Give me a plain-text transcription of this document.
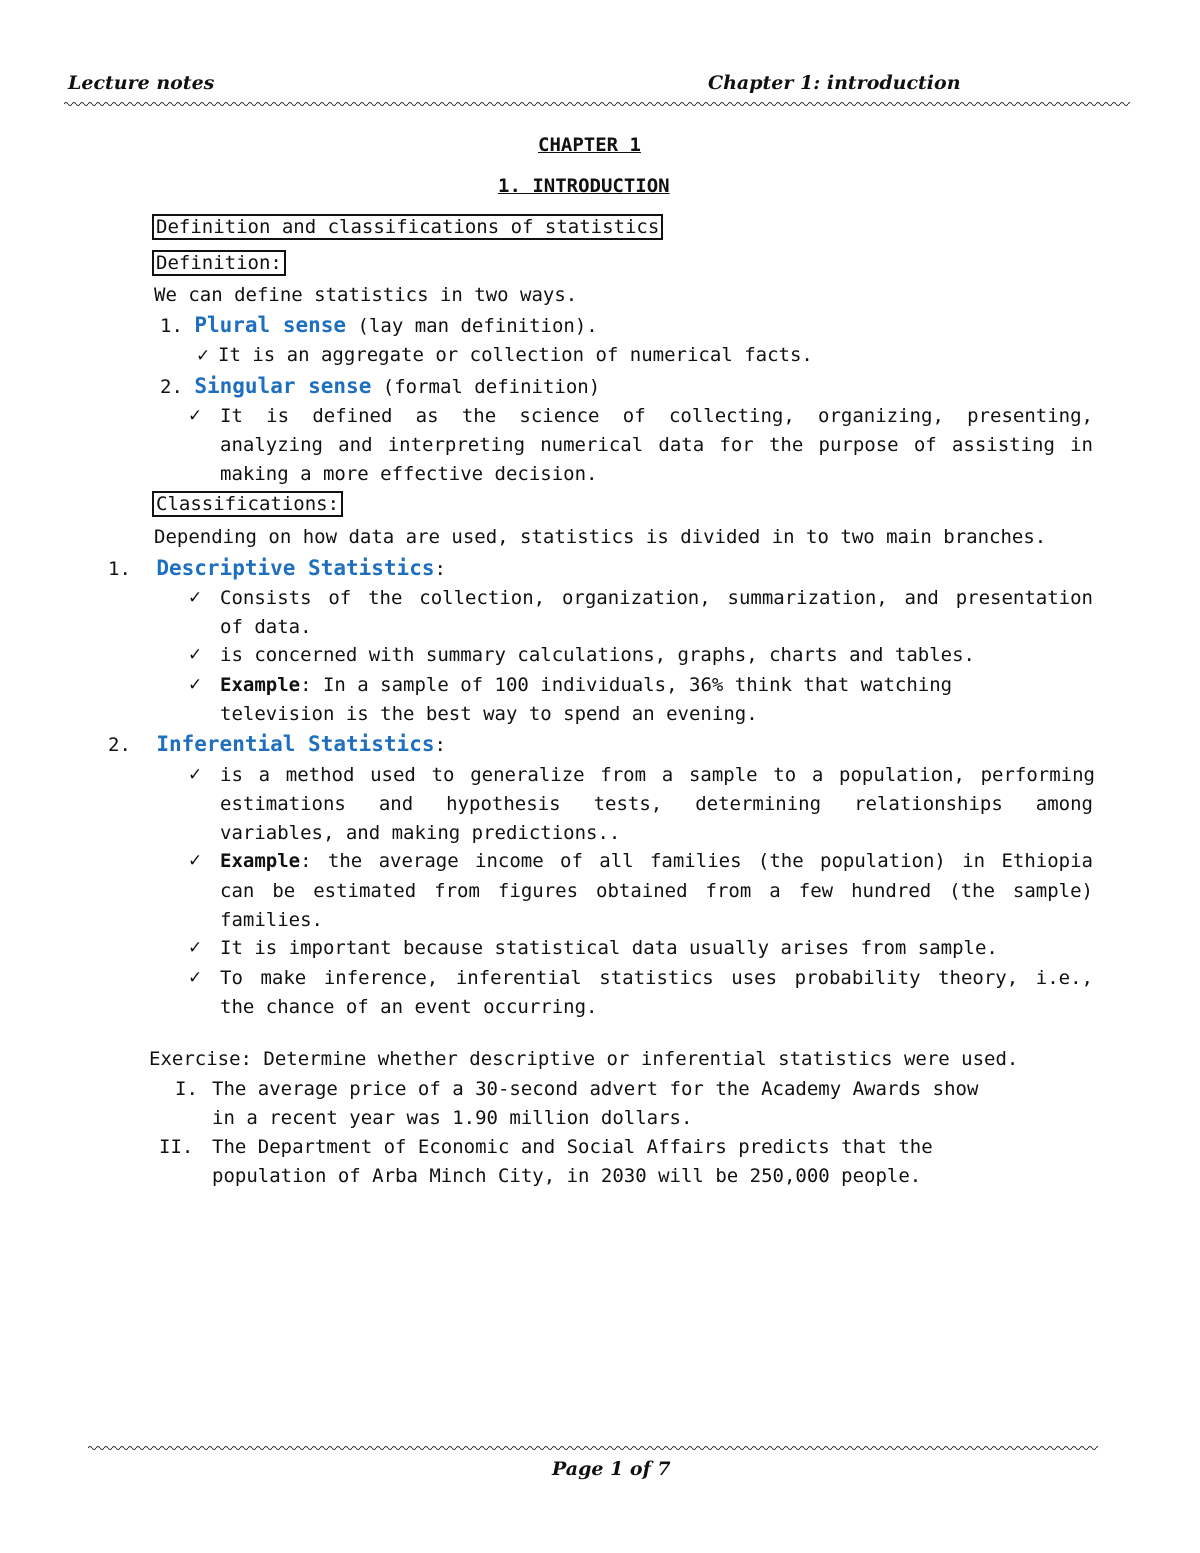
Lecture notes	Chapter 1: introduction
CHAPTER 1
1. INTRODUCTION
Definition and classifications of statistics
Definition:
We can define statistics in two ways.
1. Plural sense (lay man definition).
✓ It is an aggregate or collection of numerical facts.
2. Singular sense (formal definition)
✓ It is defined as the science of collecting, organizing, presenting,
analyzing and interpreting numerical data for the purpose of assisting in
making a more effective decision.
Classifications:
Depending on how data are used, statistics is divided in to two main branches.
1. Descriptive Statistics:
✓ Consists of the collection, organization, summarization, and presentation
of data.
✓ is concerned with summary calculations, graphs, charts and tables.
✓ Example: In a sample of 100 individuals, 36% think that watching
television is the best way to spend an evening.
2. Inferential Statistics:
✓ is a method used to generalize from a sample to a population, performing
estimations and hypothesis tests, determining relationships among
variables, and making predictions..
✓ Example: the average income of all families (the population) in Ethiopia
can be estimated from figures obtained from a few hundred (the sample)
families.
✓ It is important because statistical data usually arises from sample.
✓ To make inference, inferential statistics uses probability theory, i.e.,
the chance of an event occurring.
Exercise: Determine whether descriptive or inferential statistics were used.
I. The average price of a 30-second advert for the Academy Awards show
in a recent year was 1.90 million dollars.
II. The Department of Economic and Social Affairs predicts that the
population of Arba Minch City, in 2030 will be 250,000 people.
Page 1 of 7
